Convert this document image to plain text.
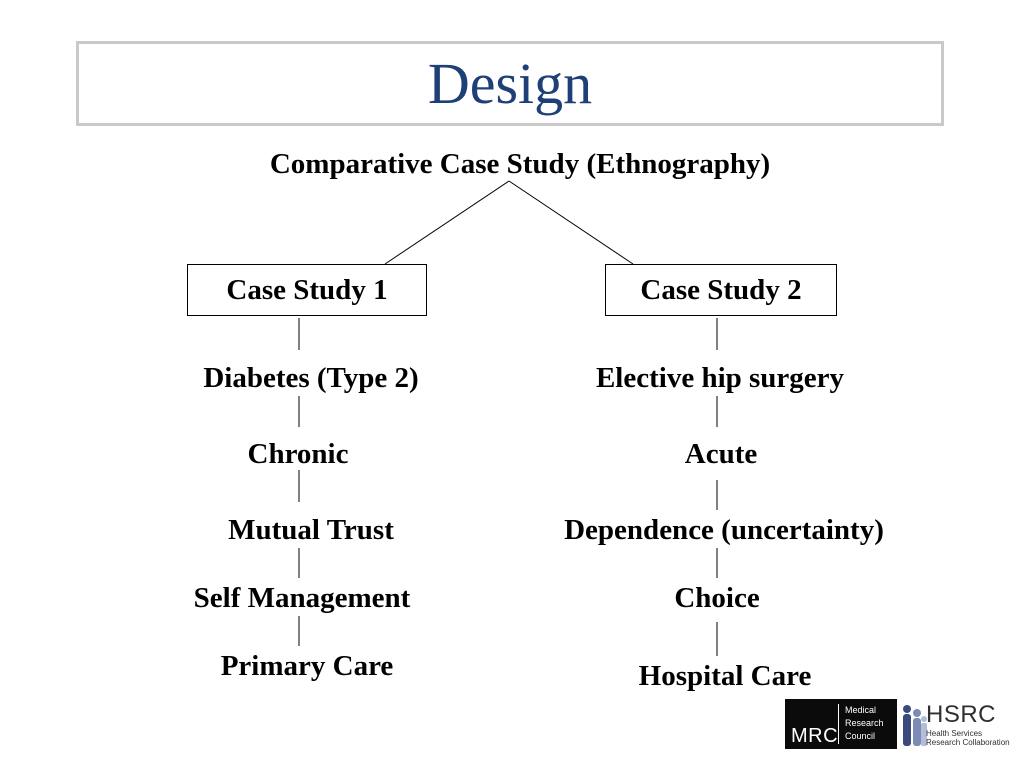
Design
Comparative Case Study (Ethnography)
Case Study 1	Case Study 2
Diabetes (Type 2)
Chronic
Mutual Trust
Self Management
Primary Care
Elective hip surgery
Acute
Dependence (uncertainty)
Choice
Hospital Care
MRC
Medical
Research
Council
HSRC
Health Services
Research Collaboration
